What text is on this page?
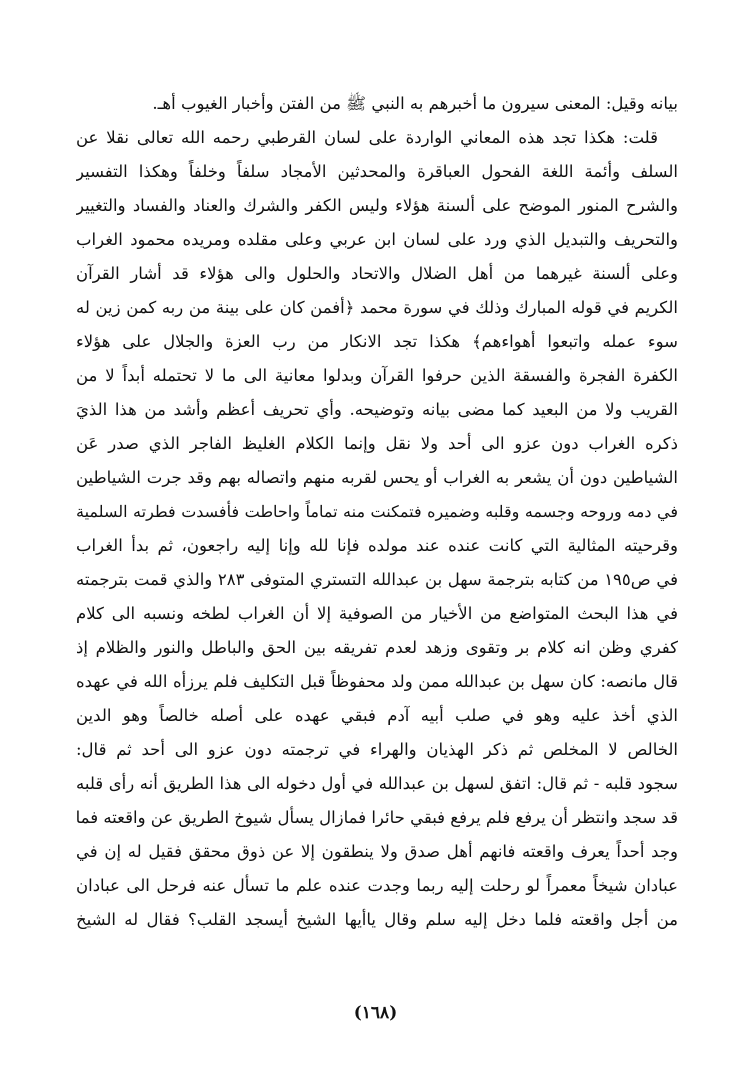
بيانه وقيل: المعنى سيرون ما أخبرهم به النبي ﷺ من الفتن وأخبار الغيوب أهـ.
قلت: هكذا تجد هذه المعاني الواردة على لسان القرطبي رحمه الله تعالى نقلا عن
السلف وأئمة اللغة الفحول العباقرة والمحدثين الأمجاد سلفاً وخلفاً وهكذا التفسير
والشرح المنور الموضح على ألسنة هؤلاء وليس الكفر والشرك والعناد والفساد والتغيير
والتحريف والتبديل الذي ورد على لسان ابن عربي وعلى مقلده ومريده محمود الغراب
وعلى ألسنة غيرهما من أهل الضلال والاتحاد والحلول والى هؤلاء قد أشار القرآن
الكريم في قوله المبارك وذلك في سورة محمد ﴿أفمن كان على بينة من ربه كمن زين له
سوء عمله واتبعوا أهواءهم﴾ هكذا تجد الانكار من رب العزة والجلال على هؤلاء
الكفرة الفجرة والفسقة الذين حرفوا القرآن وبدلوا معانية الى ما لا تحتمله أبداً لا من
القريب ولا من البعيد كما مضى بيانه وتوضيحه. وأي تحريف أعظم وأشد من هذا الذيَ
ذكره الغراب دون عزو الى أحد ولا نقل وإنما الكلام الغليظ الفاجر الذي صدر عَن
الشياطين دون أن يشعر به الغراب أو يحس لقربه منهم واتصاله بهم وقد جرت الشياطين
في دمه وروحه وجسمه وقلبه وضميره فتمكنت منه تماماً واحاطت فأفسدت فطرته السلمية
وقرحيته المثالية التي كانت عنده عند مولده فإنا لله وإنا إليه راجعون، ثم بدأ الغراب
في ص١٩٥ من كتابه بترجمة سهل بن عبدالله التستري المتوفى ٢٨٣ والذي قمت بترجمته
في هذا البحث المتواضع من الأخيار من الصوفية إلا أن الغراب لطخه ونسبه الى كلام
كفري وظن انه كلام بر وتقوى وزهد لعدم تفريقه بين الحق والباطل والنور والظلام إذ
قال مانصه: كان سهل بن عبدالله ممن ولد محفوظاً قبل التكليف فلم يرزأه الله في عهده
الذي أخذ عليه وهو في صلب أبيه آدم فبقي عهده على أصله خالصاً وهو الدين
الخالص لا المخلص ثم ذكر الهذيان والهراء في ترجمته دون عزو الى أحد ثم قال:
سجود قلبه - ثم قال: اتفق لسهل بن عبدالله في أول دخوله الى هذا الطريق أنه رأى قلبه
قد سجد وانتظر أن يرفع فلم يرفع فبقي حائرا فمازال يسأل شيوخ الطريق عن واقعته فما
وجد أحداً يعرف واقعته فانهم أهل صدق ولا ينطقون إلا عن ذوق محقق فقيل له إن في
عبادان شيخاً معمراً لو رحلت إليه ربما وجدت عنده علم ما تسأل عنه فرحل الى عبادان
من أجل واقعته فلما دخل إليه سلم وقال ياأيها الشيخ أيسجد القلب؟ فقال له الشيخ
(١٦٨)
